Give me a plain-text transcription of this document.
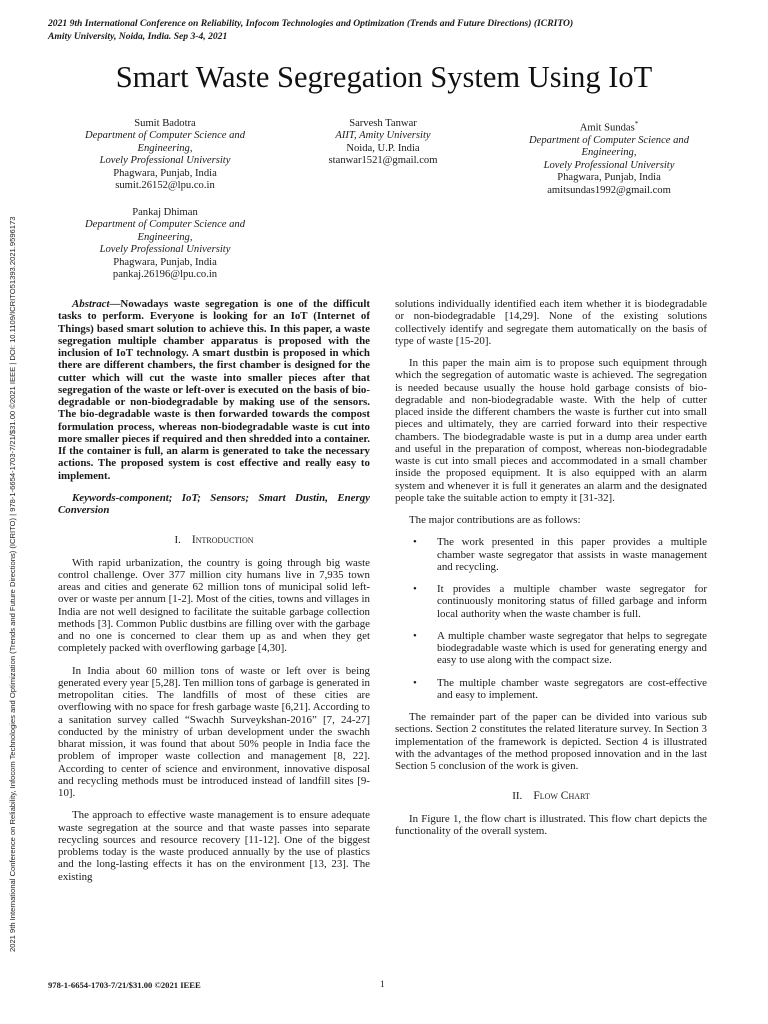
2021 9th International Conference on Reliability, Infocom Technologies and Optimization (Trends and Future Directions) (ICRITO)
Amity University, Noida, India. Sep 3-4, 2021
2021 9th International Conference on Reliability, Infocom Technologies and Optimization (Trends and Future Directions) (ICRITO) | 978-1-6654-1703-7/21/$31.00 ©2021 IEEE | DOI: 10.1109/ICRITO51393.2021.9596173
Smart Waste Segregation System Using IoT
Sumit Badotra
Department of Computer Science and Engineering,
Lovely Professional University
Phagwara, Punjab, India
sumit.26152@lpu.co.in
Sarvesh Tanwar
AIIT, Amity University
Noida, U.P. India
stanwar1521@gmail.com
Amit Sundas*
Department of Computer Science and Engineering,
Lovely Professional University
Phagwara, Punjab, India
amitsundas1992@gmail.com
Pankaj Dhiman
Department of Computer Science and Engineering,
Lovely Professional University
Phagwara, Punjab, India
pankaj.26196@lpu.co.in

Abstract—Nowadays waste segregation is one of the difficult tasks to perform. Everyone is looking for an IoT (Internet of Things) based smart solution to achieve this. In this paper, a waste segregation multiple chamber apparatus is proposed with the inclusion of IoT technology. A smart dustbin is proposed in which there are different chambers, the first chamber is designed for the cutter which will cut the waste into smaller pieces after that segregation of the waste or left-over is executed on the basis of bio-degradable or non-biodegradable by making use of the sensors. The bio-degradable waste is then forwarded towards the compost formulation process, whereas non-biodegradable waste is cut into more smaller pieces if required and then shredded into a container. If the container is full, an alarm is generated to take the necessary actions. The proposed system is cost effective and really easy to implement.

Keywords-component; IoT; Sensors; Smart Dustin, Energy Conversion

I. Introduction

With rapid urbanization, the country is going through big waste control challenge. Over 377 million city humans live in 7,935 town areas and cities and generate 62 million tons of municipal solid left-over or waste per annum [1-2]. Most of the cities, towns and villages in India are not well designed to facilitate the suitable garbage collection methods [3]. Common Public dustbins are filling over with the garbage and no one is concerned to clear them up as and when they get completely packed with overflowing garbage [4,30].

In India about 60 million tons of waste or left over is being generated every year [5,28]. Ten million tons of garbage is generated in metropolitan cities. The landfills of most of these cities are overflowing with no space for fresh garbage waste [6,21]. According to a sanitation survey called “Swachh Surveykshan-2016” [7, 24-27] conducted by the ministry of urban development under the swachh bharat mission, it was found that about 50% people in India face the problem of improper waste collection and management [8, 22]. According to center of science and environment, innovative disposal and recycling methods must be introduced instead of landfill sites [9-10].

The approach to effective waste management is to ensure adequate waste segregation at the source and that waste passes into separate recycling sources and resource recovery [11-12]. One of the biggest problems today is the waste produced annually by the use of plastics and the long-lasting effects it has on the environment [13, 23]. The existing

solutions individually identified each item whether it is biodegradable or non-biodegradable [14,29]. None of the existing solutions collectively identify and segregate them automatically on the basis of type of waste [15-20].

In this paper the main aim is to propose such equipment through which the segregation of automatic waste is achieved. The segregation is needed because usually the house hold garbage consists of bio-degradable and non-biodegradable waste. With the help of cutter placed inside the different chambers the waste is further cut into small pieces and ultimately, they are carried forward into their respective chambers. The biodegradable waste is put in a dump area under earth and useful in the preparation of compost, whereas non-biodegradable waste is cut into small pieces and accommodated in a small chamber inside the proposed equipment. It is also equipped with an alarm system and whenever it is full it generates an alarm and the designated people take the suitable action to empty it [31-32].

The major contributions are as follows:

• The work presented in this paper provides a multiple chamber waste segregator that assists in waste management and recycling.
• It provides a multiple chamber waste segregator for continuously monitoring status of filled garbage and inform local authority when the waste chamber is full.
• A multiple chamber waste segregator that helps to segregate biodegradable waste which is used for generating energy and easy to use along with the compact size.
• The multiple chamber waste segregators are cost-effective and easy to implement.

The remainder part of the paper can be divided into various sub sections. Section 2 constitutes the related literature survey. In Section 3 implementation of the framework is depicted. Section 4 is illustrated with the advantages of the method proposed innovation and in the last Section 5 conclusion of the work is given.

II. Flow Chart

In Figure 1, the flow chart is illustrated. This flow chart depicts the functionality of the overall system.

978-1-6654-1703-7/21/$31.00 ©2021 IEEE	1
